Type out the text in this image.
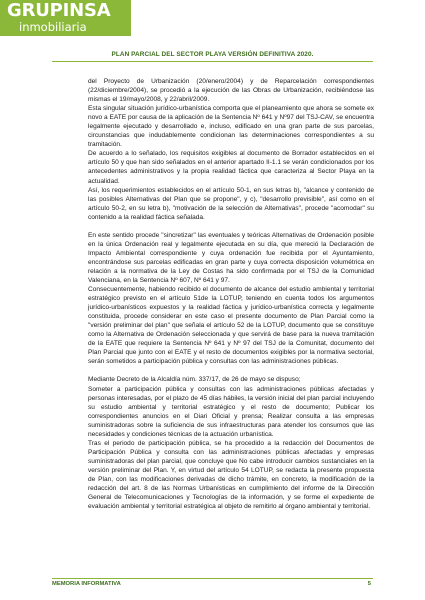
GRUPINSA
inmobiliaria
PLAN PARCIAL DEL SECTOR PLAYA VERSIÓN DEFINITIVA 2020.

del Proyecto de Urbanización (20/enero/2004) y de Reparcelación correspondientes (22/diciembre/2004), se procedió a la ejecución de las Obras de Urbanización, recibiéndose las mismas el 19/mayo/2008, y 22/abril/2009.

Esta singular situación jurídico-urbanística comporta que el planeamiento que ahora se somete ex novo a EATE por causa de la aplicación de la Sentencia Nº 641 y Nº97 del TSJ-CAV, se encuentra legalmente ejecutado y desarrollado e, incluso, edificado en una gran parte de sus parcelas, circunstancias que indudablemente condicionan las determinaciones correspondientes a su tramitación.

De acuerdo a lo señalado, los requisitos exigibles al documento de Borrador establecidos en el artículo 50 y que han sido señalados en el anterior apartado II-1.1 se verán condicionados por los antecedentes administrativos y la propia realidad fáctica que caracteriza al Sector Playa en la actualidad.

Así, los requerimientos establecidos en el artículo 50-1, en sus letras b), "alcance y contenido de las posibles Alternativas del Plan que se propone", y c), "desarrollo previsible", así como en el artículo 50-2, en su letra b), "motivación de la selección de Alternativas", procede "acomodar" su contenido a la realidad fáctica señalada.

En este sentido procede "sincretizar" las eventuales y teóricas Alternativas de Ordenación posible en la única Ordenación real y legalmente ejecutada en su día, que mereció la Declaración de Impacto Ambiental correspondiente y cuya ordenación fue recibida por el Ayuntamiento, encontrándose sus parcelas edificadas en gran parte y cuya correcta disposición volumétrica en relación a la normativa de la Ley de Costas ha sido confirmada por el TSJ de la Comunidad Valenciana, en la Sentencia Nº 607, Nº 641 y 97.

Consecuentemente, habiendo recibido el documento de alcance del estudio ambiental y territorial estratégico previsto en el artículo 51de la LOTUP, teniendo en cuenta todos los argumentos jurídico-urbanísticos expuestos y la realidad fáctica y jurídico-urbanística correcta y legalmente constituida, procede considerar en este caso el presente documento de Plan Parcial como la "versión preliminar del plan" que señala el artículo 52 de la LOTUP, documento que se constituye como la Alternativa de Ordenación seleccionada y que servirá de base para la nueva tramitación de la EATE que requiere la Sentencia Nº 641 y Nº 97 del TSJ de la Comunitat, documento del Plan Parcial que junto con el EATE y el resto de documentos exigibles por la normativa sectorial, serán sometidos a participación pública y consultas con las administraciones públicas.

Mediante Decreto de la Alcaldía núm. 337/17, de 26 de mayo se dispuso;

Someter a participación pública y consultas con las administraciones públicas afectadas y personas interesadas, por el plazo de 45 días hábiles, la versión inicial del plan parcial incluyendo su estudio ambiental y territorial estratégico y el resto de documento; Publicar los correspondientes anuncios en el Diari Oficial y prensa; Realizar consulta a las empresas suministradoras sobre la suficiencia de sus infraestructuras para atender los consumos que las necesidades y condiciones técnicas de la actuación urbanística.

Tras el periodo de participación pública, se ha procedido a la redacción del Documentos de Participación Pública y consulta con las administraciones públicas afectadas y empresas suministradoras del plan parcial, que concluye que No cabe introducir cambios sustanciales en la versión preliminar del Plan. Y, en virtud del artículo 54 LOTUP, se redacta la presente propuesta de Plan, con las modificaciones derivadas de dicho trámite, en concreto, la modificación de la redacción del art. 8 de las Normas Urbanísticas en cumplimiento del informe de la Dirección General de Telecomunicaciones y Tecnologías de la información, y se forme el expediente de evaluación ambiental y territorial estratégica al objeto de remitirlo al órgano ambiental y territorial.

MEMORIA INFORMATIVA	5
